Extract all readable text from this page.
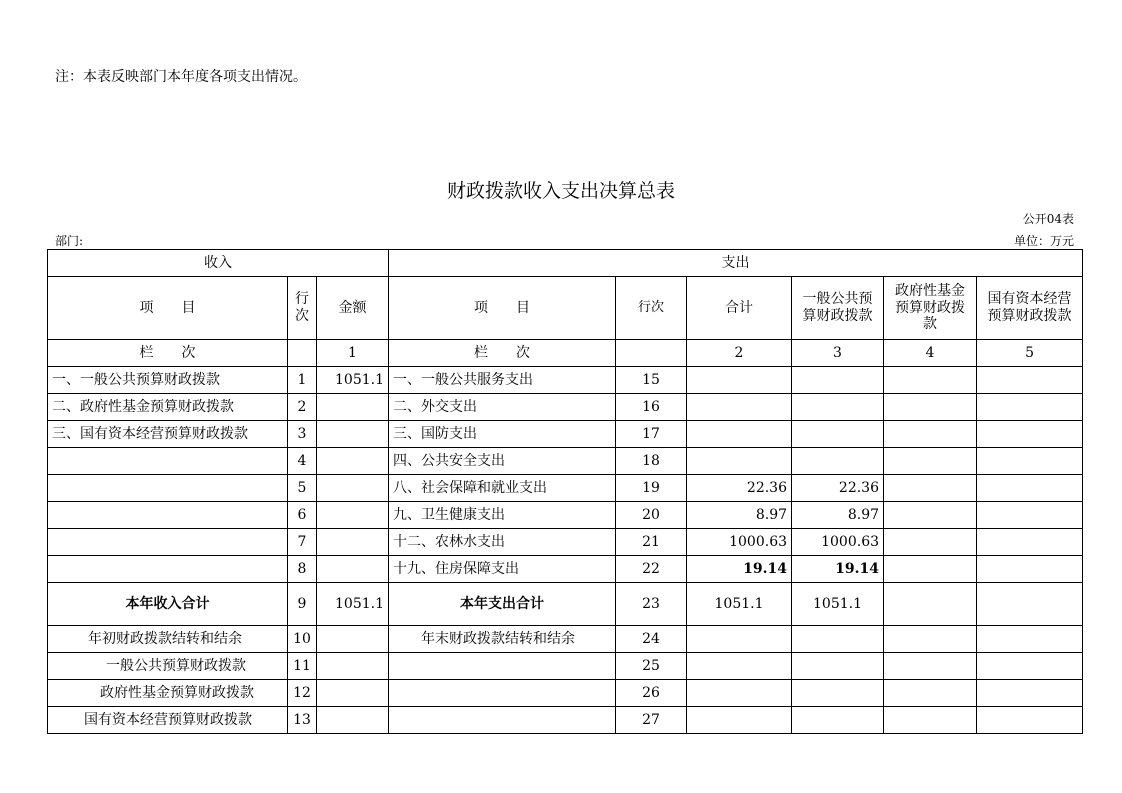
注：本表反映部门本年度各项支出情况。
财政拨款收入支出决算总表
公开04表
部门:	单位：万元
收入			支出					
项　　目	行次	金额	项　　目	行次	合计	一般公共预算财政拨款	政府性基金预算财政拨款	国有资本经营预算财政拨款
栏　　次		1	栏　　次		2	3	4	5
一、一般公共预算财政拨款	1	1051.1	一、一般公共服务支出	15				
二、政府性基金预算财政拨款	2		二、外交支出	16				
三、国有资本经营预算财政拨款	3		三、国防支出	17				
	4		四、公共安全支出	18				
	5		八、社会保障和就业支出	19	22.36	22.36		
	6		九、卫生健康支出	20	8.97	8.97		
	7		十二、农林水支出	21	1000.63	1000.63		
	8		十九、住房保障支出	22	19.14	19.14		
本年收入合计	9	1051.1	本年支出合计	23	1051.1	1051.1		
年初财政拨款结转和结余	10		年末财政拨款结转和结余	24				
一般公共预算财政拨款	11			25				
政府性基金预算财政拨款	12			26				
国有资本经营预算财政拨款	13			27				
